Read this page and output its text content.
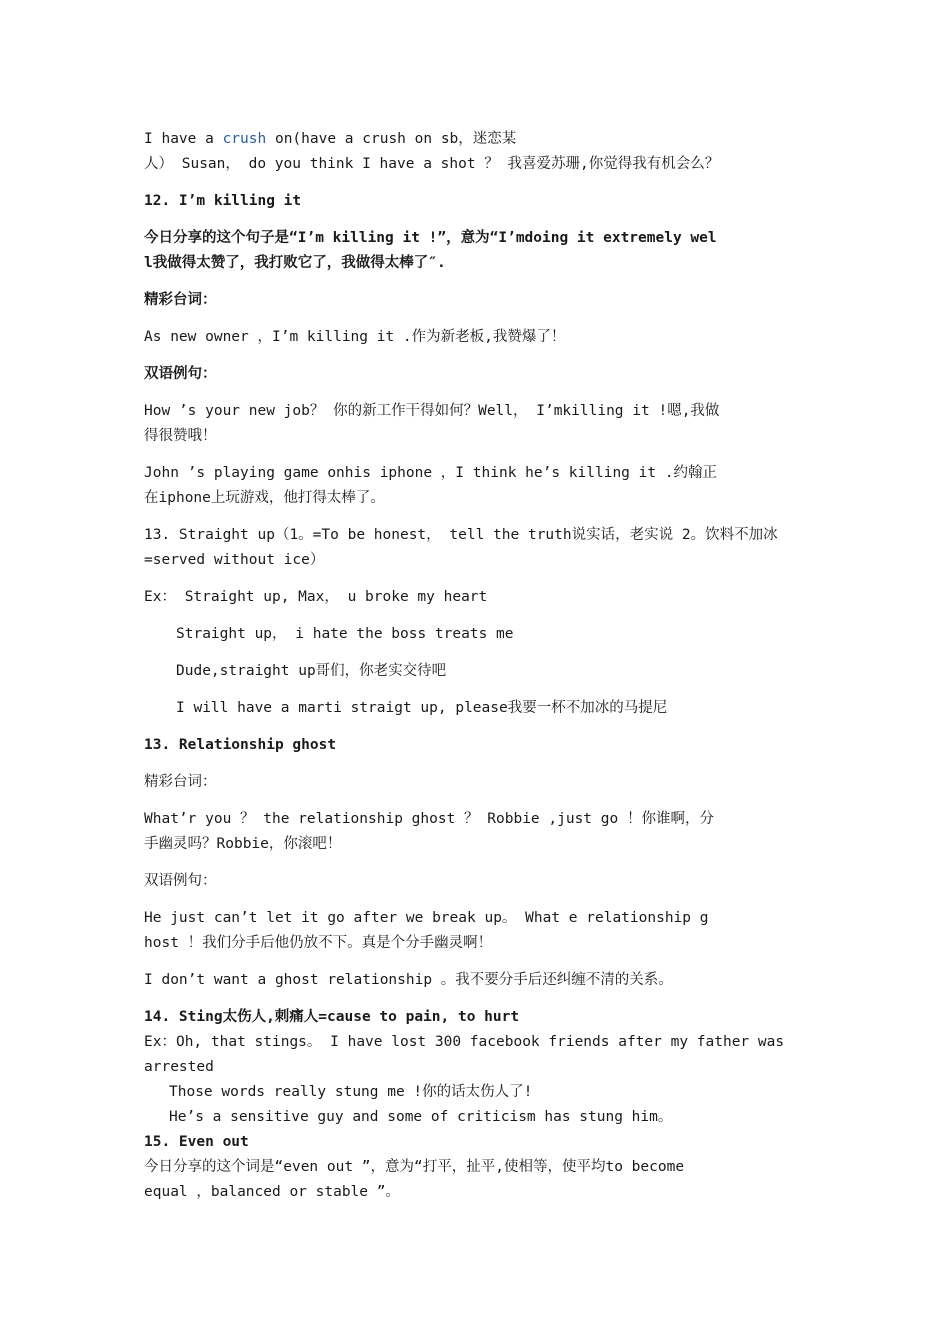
I have a crush on(have a crush on sb，迷恋某

人） Susan， do you think I have a shot ？ 我喜爱苏珊,你觉得我有机会么？

12. I’m killing it

今日分享的这个句子是“I’m killing it !”，意为“I’mdoing it extremely wel

l我做得太赞了，我打败它了，我做得太棒了″.

精彩台词：

As new owner ，I’m killing it .作为新老板,我赞爆了！

双语例句：

How ’s your new job？ 你的新工作干得如何？Well， I’mkilling it !嗯,我做

得很赞哦！

John ’s playing game onhis iphone ，I think he’s killing it .约翰正

在iphone上玩游戏，他打得太棒了。

13. Straight up（1。=To be honest， tell the truth说实话，老实说 2。饮料不加冰

=served without ice）

Ex： Straight up, Max， u broke my heart

Straight up， i hate the boss treats me

Dude,straight up哥们，你老实交待吧

I will have a marti straigt up, please我要一杯不加冰的马提尼

13. Relationship ghost

精彩台词：

What’r you ？ the relationship ghost ？ Robbie ,just go ！你谁啊，分

手幽灵吗？Robbie，你滚吧！

双语例句：

He just can’t let it go after we break up。 What e relationship g

host ！我们分手后他仍放不下。真是个分手幽灵啊！

I don’t want a ghost relationship 。我不要分手后还纠缠不清的关系。

14. Sting太伤人,刺痛人=cause to pain, to hurt

Ex：Oh, that stings。 I have lost 300 facebook friends after my father was

arrested

Those words really stung me !你的话太伤人了!

He’s a sensitive guy and some of criticism has stung him。

15. Even out

今日分享的这个词是“even out ”，意为“打平，扯平,使相等，使平均to become

equal ，balanced or stable ”。
